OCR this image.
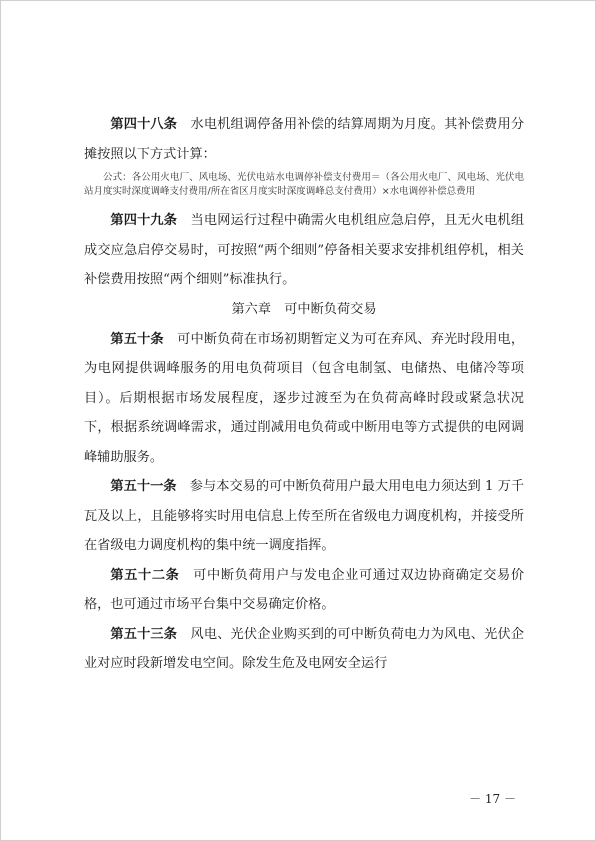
第四十八条　 水电机组调停备用补偿的结算周期为月度。其补偿费用分摊按照以下方式计算：

公式：各公用火电厂、风电场、光伏电站水电调停补偿支付费用＝（各公用火电厂、风电场、光伏电站月度实时深度调峰支付费用/所在省区月度实时深度调峰总支付费用）×水电调停补偿总费用

第四十九条　 当电网运行过程中确需火电机组应急启停，且无火电机组成交应急启停交易时，可按照“两个细则”停备相关要求安排机组停机，相关补偿费用按照“两个细则”标准执行。

第六章　可中断负荷交易

第五十条　 可中断负荷在市场初期暂定义为可在弃风、弃光时段用电，为电网提供调峰服务的用电负荷项目（包含电制氢、电储热、电储冷等项目）。后期根据市场发展程度，逐步过渡至为在负荷高峰时段或紧急状况下，根据系统调峰需求，通过削减用电负荷或中断用电等方式提供的电网调峰辅助服务。

第五十一条　 参与本交易的可中断负荷用户最大用电电力须达到 1 万千瓦及以上，且能够将实时用电信息上传至所在省级电力调度机构，并接受所在省级电力调度机构的集中统一调度指挥。

第五十二条　 可中断负荷用户与发电企业可通过双边协商确定交易价格，也可通过市场平台集中交易确定价格。

第五十三条　 风电、光伏企业购买到的可中断负荷电力为风电、光伏企业对应时段新增发电空间。除发生危及电网安全运行

－ 17 －
